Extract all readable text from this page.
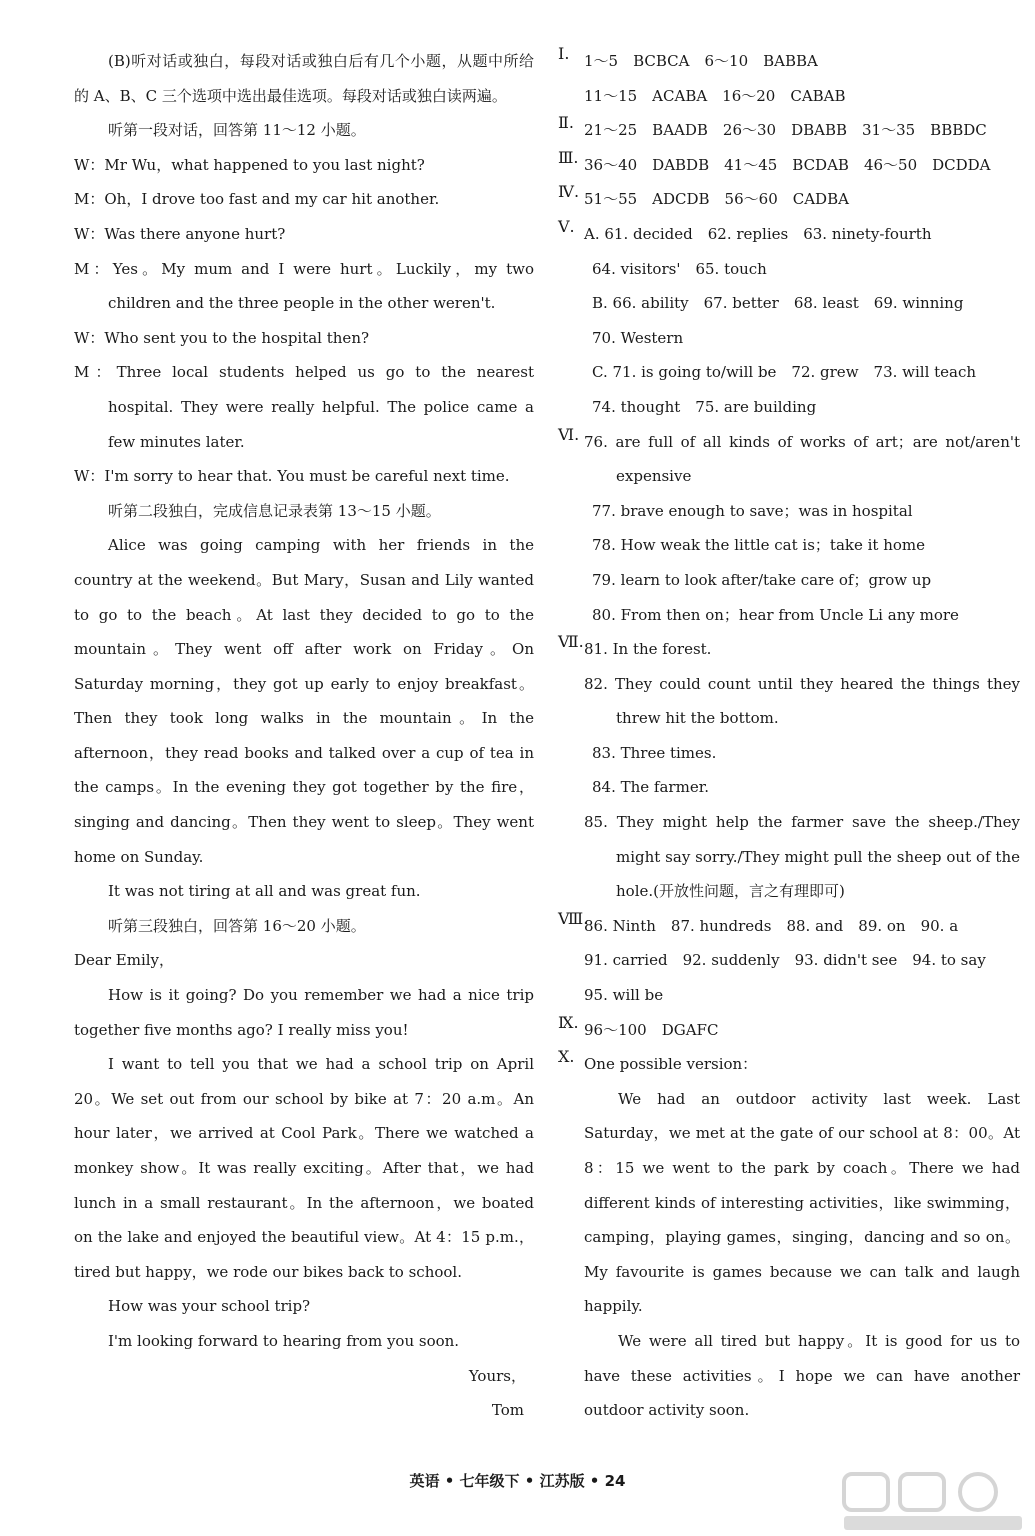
(B)听对话或独白，每段对话或独白后有几个小题，从题中所给的 A、B、C 三个选项中选出最佳选项。每段对话或独白读两遍。

听第一段对话，回答第 11～12 小题。

W：Mr Wu，what happened to you last night?

M：Oh，I drove too fast and my car hit another.

W：Was there anyone hurt?

M：Yes。My mum and I were hurt。Luckily，my two children and the three people in the other weren't.

W：Who sent you to the hospital then?

M：Three local students helped us go to the nearest hospital. They were really helpful. The police came a few minutes later.

W：I'm sorry to hear that. You must be careful next time.

听第二段独白，完成信息记录表第 13～15 小题。

Alice was going camping with her friends in the country at the weekend。But Mary，Susan and Lily wanted to go to the beach。At last they decided to go to the mountain。They went off after work on Friday。On Saturday morning，they got up early to enjoy breakfast。Then they took long walks in the mountain。In the afternoon，they read books and talked over a cup of tea in the camps。In the evening they got together by the fire，singing and dancing。Then they went to sleep。They went home on Sunday.

It was not tiring at all and was great fun.

听第三段独白，回答第 16～20 小题。

Dear Emily，

How is it going? Do you remember we had a nice trip together five months ago? I really miss you!

I want to tell you that we had a school trip on April 20。We set out from our school by bike at 7：20 a.m。An hour later，we arrived at Cool Park。There we watched a monkey show。It was really exciting。After that，we had lunch in a small restaurant。In the afternoon，we boated on the lake and enjoyed the beautiful view。At 4：15 p.m.，tired but happy，we rode our bikes back to school.

How was your school trip?

I'm looking forward to hearing from you soon.

Yours，

Tom

Ⅰ. 1～5　BCBCA　6～10　BABBA
11～15　ACABA　16～20　CABAB
Ⅱ. 21～25　BAADB　26～30　DBABB　31～35　BBBDC
Ⅲ. 36～40　DABDB　41～45　BCDAB　46～50　DCDDA
Ⅳ. 51～55　ADCDB　56～60　CADBA
Ⅴ. A. 61. decided　62. replies　63. ninety-fourth

64. visitors'　65. touch

B. 66. ability　67. better　68. least　69. winning

70. Western

C. 71. is going to/will be　72. grew　73. will teach

74. thought　75. are building

Ⅵ. 76. are full of all kinds of works of art；are not/aren't expensive

77. brave enough to save；was in hospital

78. How weak the little cat is；take it home

79. learn to look after/take care of；grow up

80. From then on；hear from Uncle Li any more

Ⅶ. 81. In the forest.

82. They could count until they heared the things they threw hit the bottom.

83. Three times.

84. The farmer.

85. They might help the farmer save the sheep./They might say sorry./They might pull the sheep out of the hole.(开放性问题，言之有理即可)

Ⅷ.
86. Ninth　87. hundreds　88. and　89. on　90. a

91. carried　92. suddenly　93. didn't see　94. to say

95. will be

Ⅸ. 96～100　DGAFC
Ⅹ. One possible version：

We had an outdoor activity last week. Last Saturday，we met at the gate of our school at 8：00。At 8：15 we went to the park by coach。There we had different kinds of interesting activities，like swimming，camping，playing games，singing，dancing and so on。My favourite is games because we can talk and laugh happily.

We were all tired but happy。It is good for us to have these activities。I hope we can have another outdoor activity soon.

英语 • 七年级下 • 江苏版 • 24
